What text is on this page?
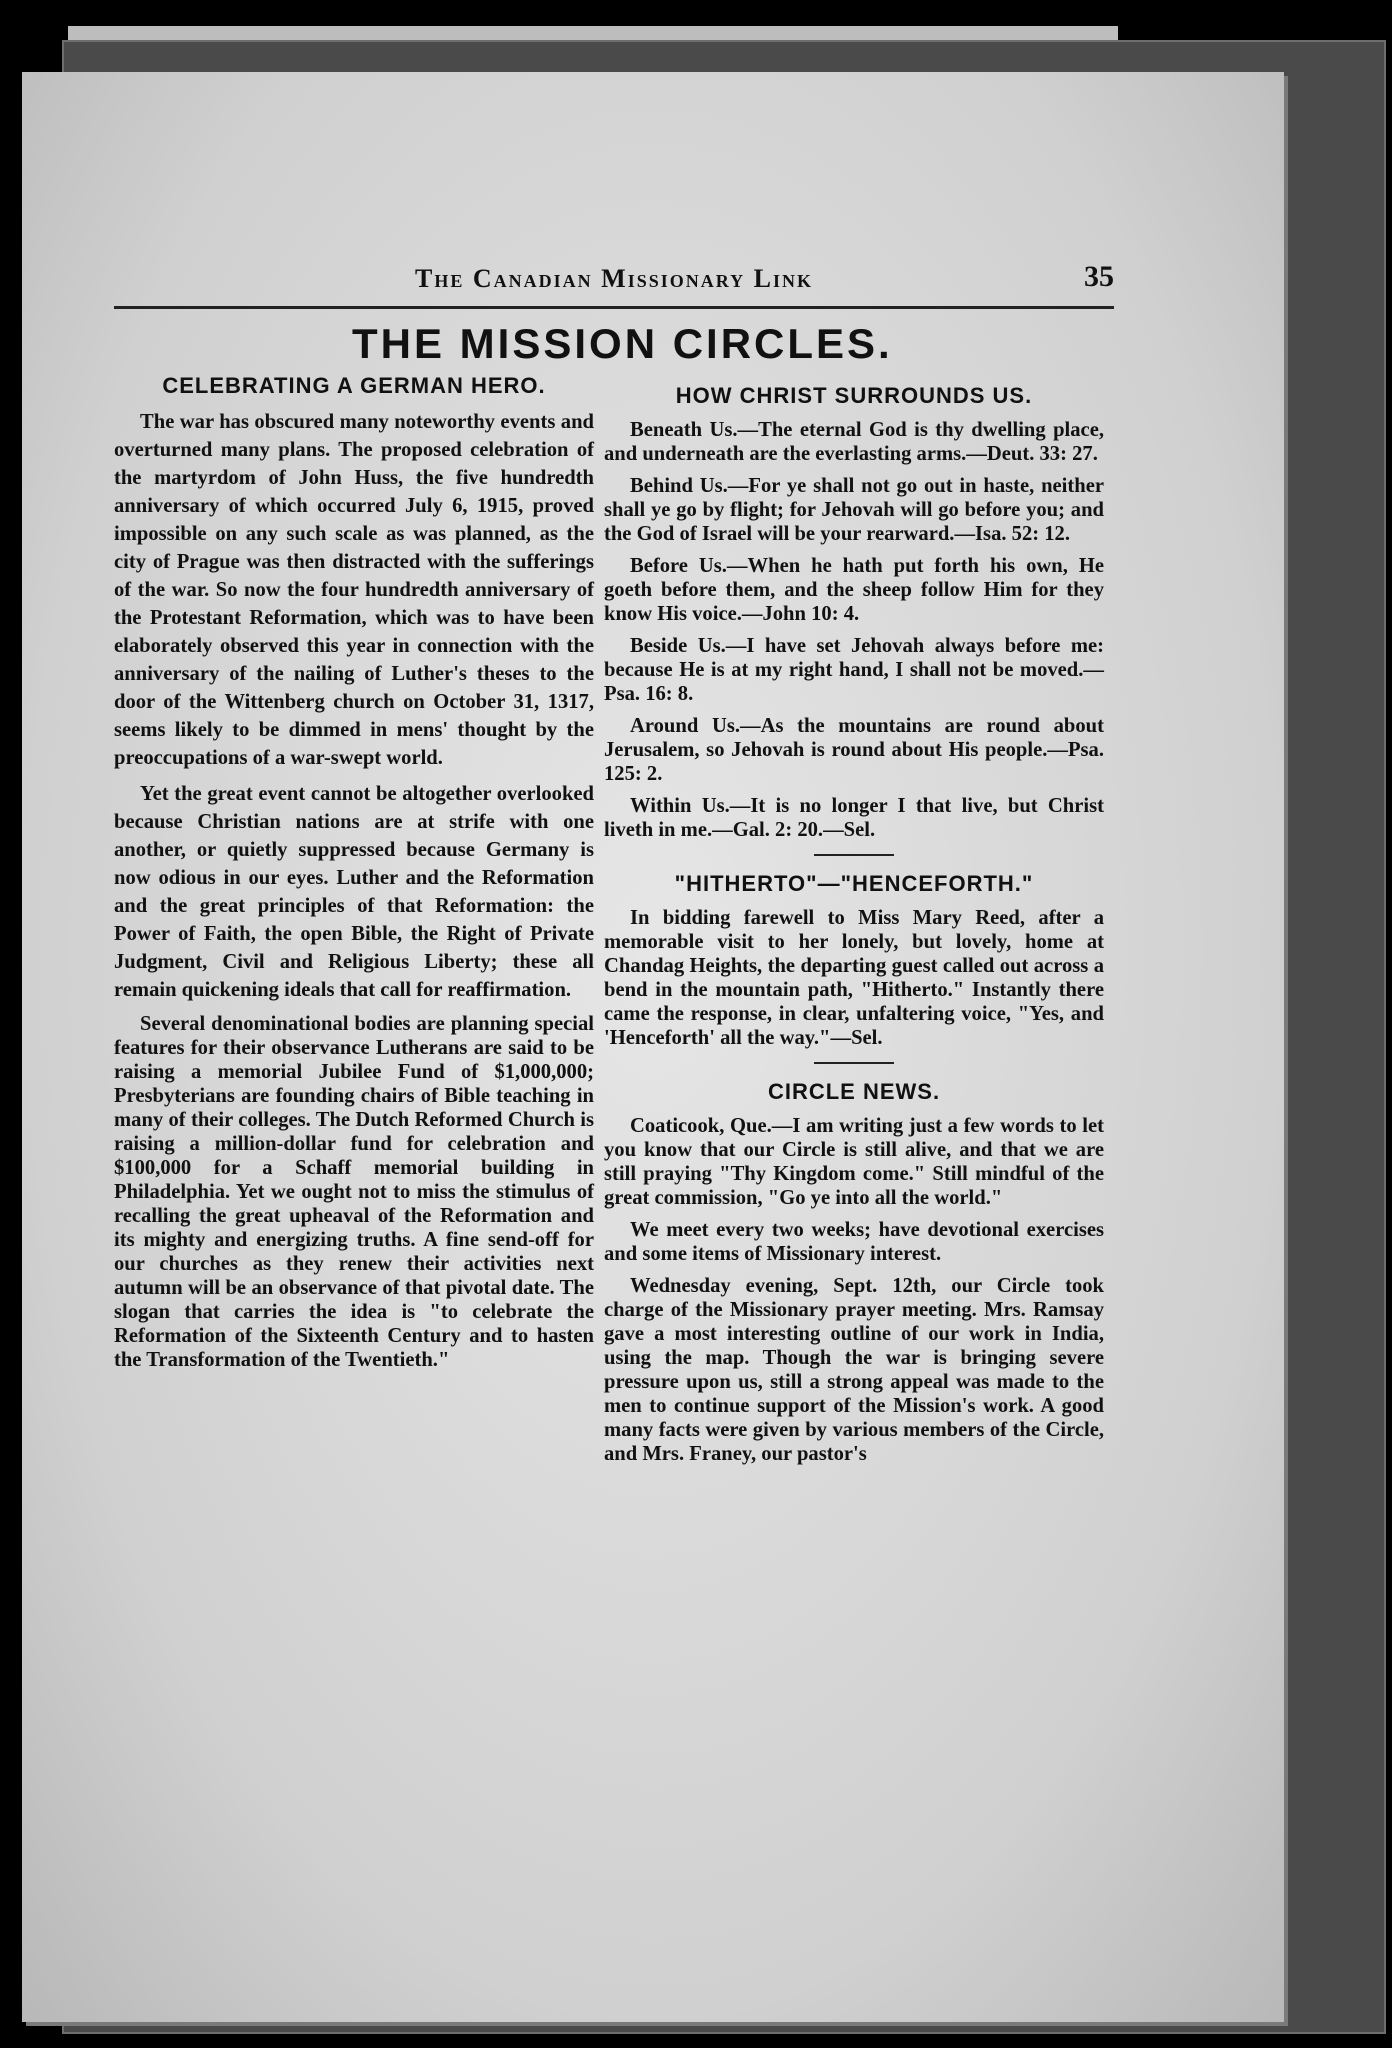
The Canadian Missionary Link	35
THE MISSION CIRCLES.
CELEBRATING A GERMAN HERO.

The war has obscured many noteworthy events and overturned many plans. The proposed celebration of the martyrdom of John Huss, the five hundredth anniversary of which occurred July 6, 1915, proved impossible on any such scale as was planned, as the city of Prague was then distracted with the sufferings of the war. So now the four hundredth anniversary of the Protestant Reformation, which was to have been elaborately observed this year in connection with the anniversary of the nailing of Luther's theses to the door of the Wittenberg church on October 31, 1317, seems likely to be dimmed in mens' thought by the preoccupations of a war-swept world.

Yet the great event cannot be altogether overlooked because Christian nations are at strife with one another, or quietly suppressed because Germany is now odious in our eyes. Luther and the Reformation and the great principles of that Reformation: the Power of Faith, the open Bible, the Right of Private Judgment, Civil and Religious Liberty; these all remain quickening ideals that call for reaffirmation.

Several denominational bodies are planning special features for their observance Lutherans are said to be raising a memorial Jubilee Fund of $1,000,000; Presbyterians are founding chairs of Bible teaching in many of their colleges. The Dutch Reformed Church is raising a million-dollar fund for celebration and $100,000 for a Schaff memorial building in Philadelphia. Yet we ought not to miss the stimulus of recalling the great upheaval of the Reformation and its mighty and energizing truths. A fine send-off for our churches as they renew their activities next autumn will be an observance of that pivotal date. The slogan that carries the idea is "to celebrate the Reformation of the Sixteenth Century and to hasten the Transformation of the Twentieth."

HOW CHRIST SURROUNDS US.

Beneath Us.—The eternal God is thy dwelling place, and underneath are the everlasting arms.—Deut. 33: 27.

Behind Us.—For ye shall not go out in haste, neither shall ye go by flight; for Jehovah will go before you; and the God of Israel will be your rearward.—Isa. 52: 12.

Before Us.—When he hath put forth his own, He goeth before them, and the sheep follow Him for they know His voice.—John 10: 4.

Beside Us.—I have set Jehovah always before me: because He is at my right hand, I shall not be moved.—Psa. 16: 8.

Around Us.—As the mountains are round about Jerusalem, so Jehovah is round about His people.—Psa. 125: 2.

Within Us.—It is no longer I that live, but Christ liveth in me.—Gal. 2: 20.—Sel.

"HITHERTO"—"HENCEFORTH."

In bidding farewell to Miss Mary Reed, after a memorable visit to her lonely, but lovely, home at Chandag Heights, the departing guest called out across a bend in the mountain path, "Hitherto." Instantly there came the response, in clear, unfaltering voice, "Yes, and 'Henceforth' all the way."—Sel.

CIRCLE NEWS.

Coaticook, Que.—I am writing just a few words to let you know that our Circle is still alive, and that we are still praying "Thy Kingdom come." Still mindful of the great commission, "Go ye into all the world."

We meet every two weeks; have devotional exercises and some items of Missionary interest.

Wednesday evening, Sept. 12th, our Circle took charge of the Missionary prayer meeting. Mrs. Ramsay gave a most interesting outline of our work in India, using the map. Though the war is bringing severe pressure upon us, still a strong appeal was made to the men to continue support of the Mission's work. A good many facts were given by various members of the Circle, and Mrs. Franey, our pastor's
